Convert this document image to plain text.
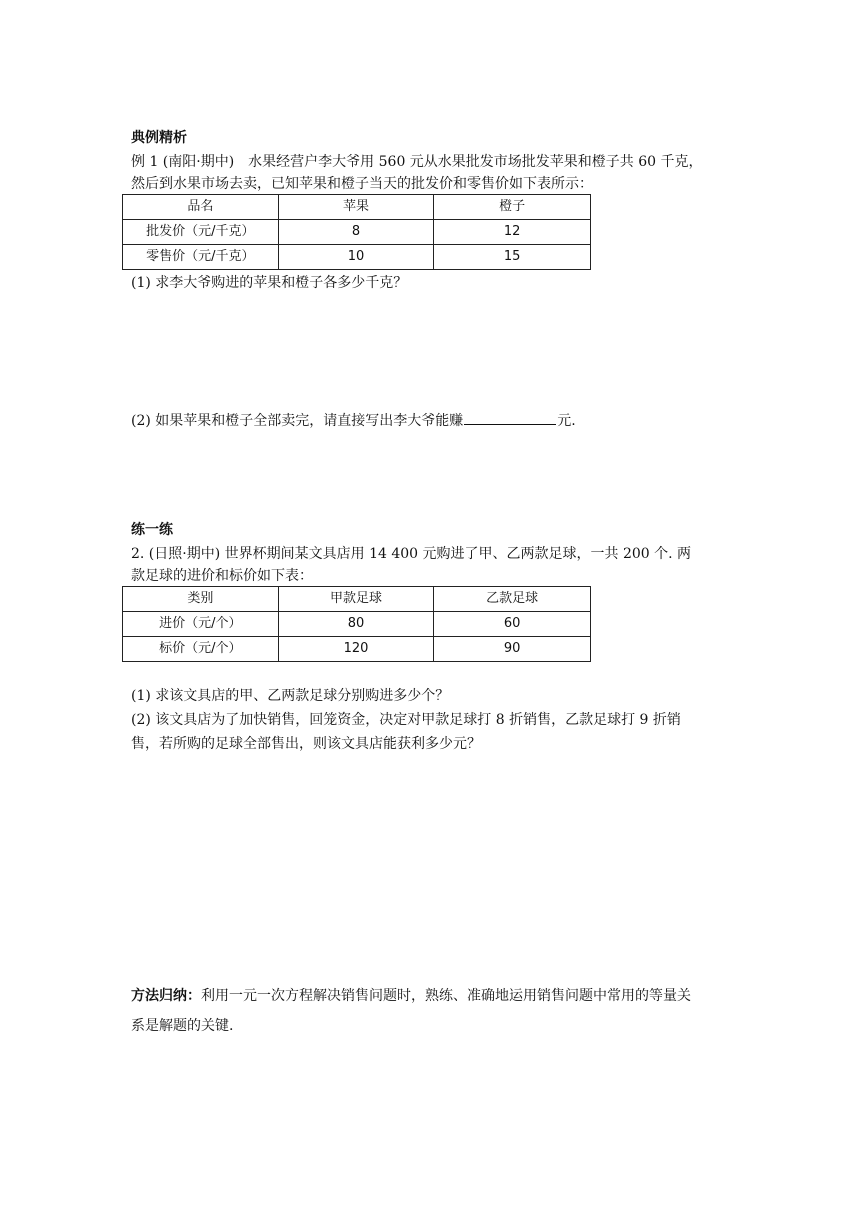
典例精析
例 1 (南阳·期中)　水果经营户李大爷用 560 元从水果批发市场批发苹果和橙子共 60 千克，
然后到水果市场去卖，已知苹果和橙子当天的批发价和零售价如下表所示：
品名	苹果	橙子
批发价（元/千克）	8	12
零售价（元/千克）	10	15
(1) 求李大爷购进的苹果和橙子各多少千克？
(2) 如果苹果和橙子全部卖完，请直接写出李大爷能赚	元.
练一练
2. (日照·期中) 世界杯期间某文具店用 14 400 元购进了甲、乙两款足球，一共 200 个. 两
款足球的进价和标价如下表：
类别	甲款足球	乙款足球
进价（元/个）	80	60
标价（元/个）	120	90
(1) 求该文具店的甲、乙两款足球分别购进多少个？
(2) 该文具店为了加快销售，回笼资金，决定对甲款足球打 8 折销售，乙款足球打 9 折销
售，若所购的足球全部售出，则该文具店能获利多少元？
方法归纳：利用一元一次方程解决销售问题时，熟练、准确地运用销售问题中常用的等量关
系是解题的关键.
